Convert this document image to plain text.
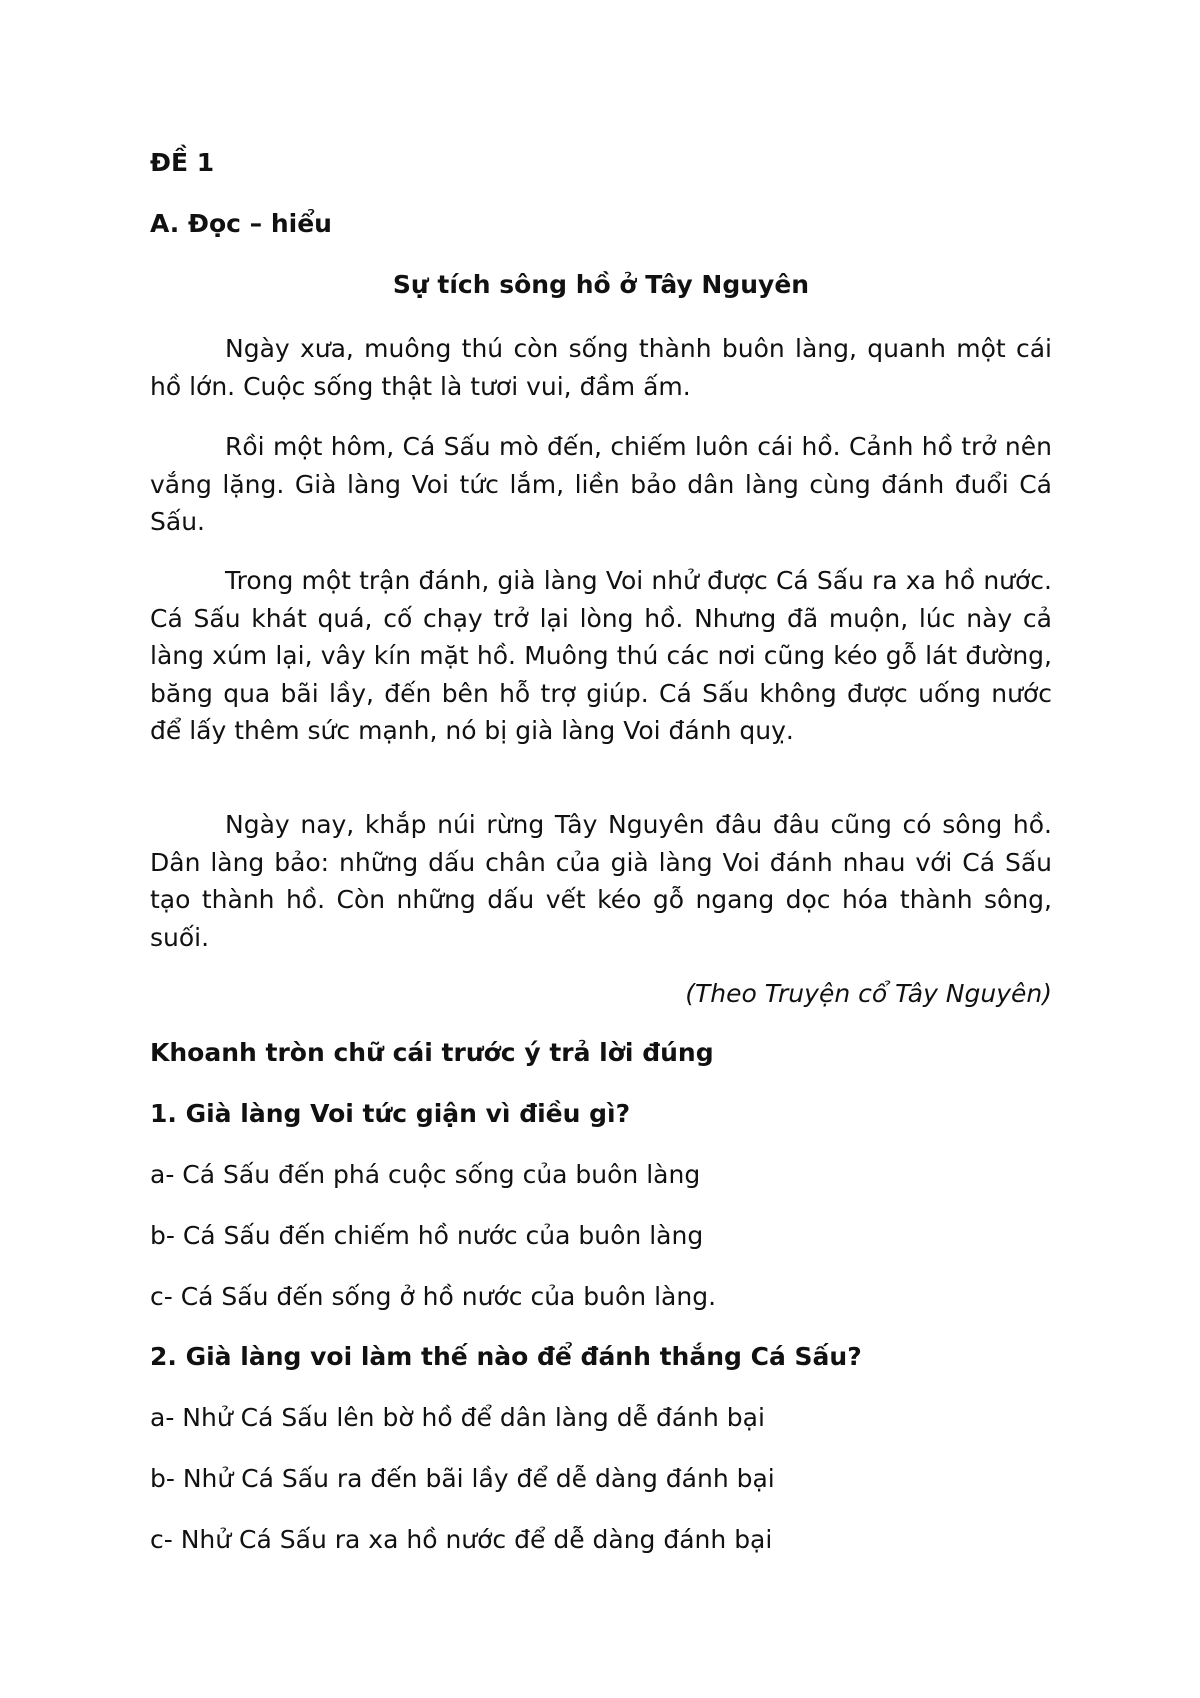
ĐỀ 1

A. Đọc – hiểu

Sự tích sông hồ ở Tây Nguyên

Ngày xưa, muông thú còn sống thành buôn làng, quanh một cái hồ lớn. Cuộc sống thật là tươi vui, đầm ấm.

Rồi một hôm, Cá Sấu mò đến, chiếm luôn cái hồ. Cảnh hồ trở nên vắng lặng. Già làng Voi tức lắm, liền bảo dân làng cùng đánh đuổi Cá Sấu.

Trong một trận đánh, già làng Voi nhử được Cá Sấu ra xa hồ nước. Cá Sấu khát quá, cố chạy trở lại lòng hồ. Nhưng đã muộn, lúc này cả làng xúm lại, vây kín mặt hồ. Muông thú các nơi cũng kéo gỗ lát đường, băng qua bãi lầy, đến bên hỗ trợ giúp. Cá Sấu không được uống nước để lấy thêm sức mạnh, nó bị già làng Voi đánh quỵ.

Ngày nay, khắp núi rừng Tây Nguyên đâu đâu cũng có sông hồ. Dân làng bảo: những dấu chân của già làng Voi đánh nhau với Cá Sấu tạo thành hồ. Còn những dấu vết kéo gỗ ngang dọc hóa thành sông, suối.

(Theo Truyện cổ Tây Nguyên)

Khoanh tròn chữ cái trước ý trả lời đúng

1. Già làng Voi tức giận vì điều gì?

a- Cá Sấu đến phá cuộc sống của buôn làng

b- Cá Sấu đến chiếm hồ nước của buôn làng

c- Cá Sấu đến sống ở hồ nước của buôn làng.

2. Già làng voi làm thế nào để đánh thắng Cá Sấu?

a- Nhử Cá Sấu lên bờ hồ để dân làng dễ đánh bại

b- Nhử Cá Sấu ra đến bãi lầy để dễ dàng đánh bại

c- Nhử Cá Sấu ra xa hồ nước để dễ dàng đánh bại
